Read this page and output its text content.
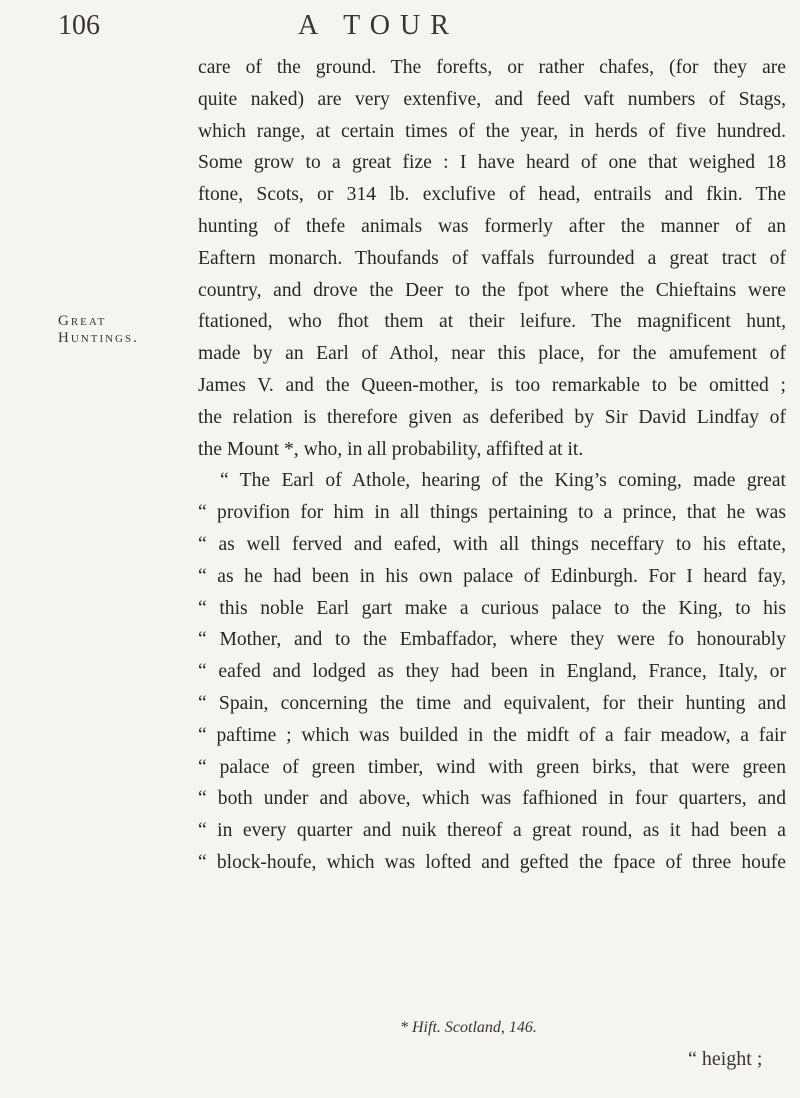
106	A TOUR
Great
Huntings.
care of the ground. The forefts, or rather chafes, (for they are
quite naked) are very extenfive, and feed vaft numbers of Stags,
which range, at certain times of the year, in herds of five hundred.
Some grow to a great fize : I have heard of one that weighed 18
ftone, Scots, or 314 lb. exclufive of head, entrails and fkin. The
hunting of thefe animals was formerly after the manner of an
Eaftern monarch. Thoufands of vaffals furrounded a great tract of
country, and drove the Deer to the fpot where the Chieftains were
ftationed, who fhot them at their leifure. The magnificent hunt,
made by an Earl of Athol, near this place, for the amufement of
James V. and the Queen-mother, is too remarkable to be omitted ;
the relation is therefore given as deferibed by Sir David Lindfay of
the Mount *, who, in all probability, affifted at it.
“ The Earl of Athole, hearing of the King’s coming, made great
“ provifion for him in all things pertaining to a prince, that he was
“ as well ferved and eafed, with all things neceffary to his eftate,
“ as he had been in his own palace of Edinburgh. For I heard fay,
“ this noble Earl gart make a curious palace to the King, to his
“ Mother, and to the Embaffador, where they were fo honourably
“ eafed and lodged as they had been in England, France, Italy, or
“ Spain, concerning the time and equivalent, for their hunting and
“ paftime ; which was builded in the midft of a fair meadow, a fair
“ palace of green timber, wind with green birks, that were green
“ both under and above, which was fafhioned in four quarters, and
“ in every quarter and nuik thereof a great round, as it had been a
“ block-houfe, which was lofted and gefted the fpace of three houfe
* Hift. Scotland, 146.
“ height ;
